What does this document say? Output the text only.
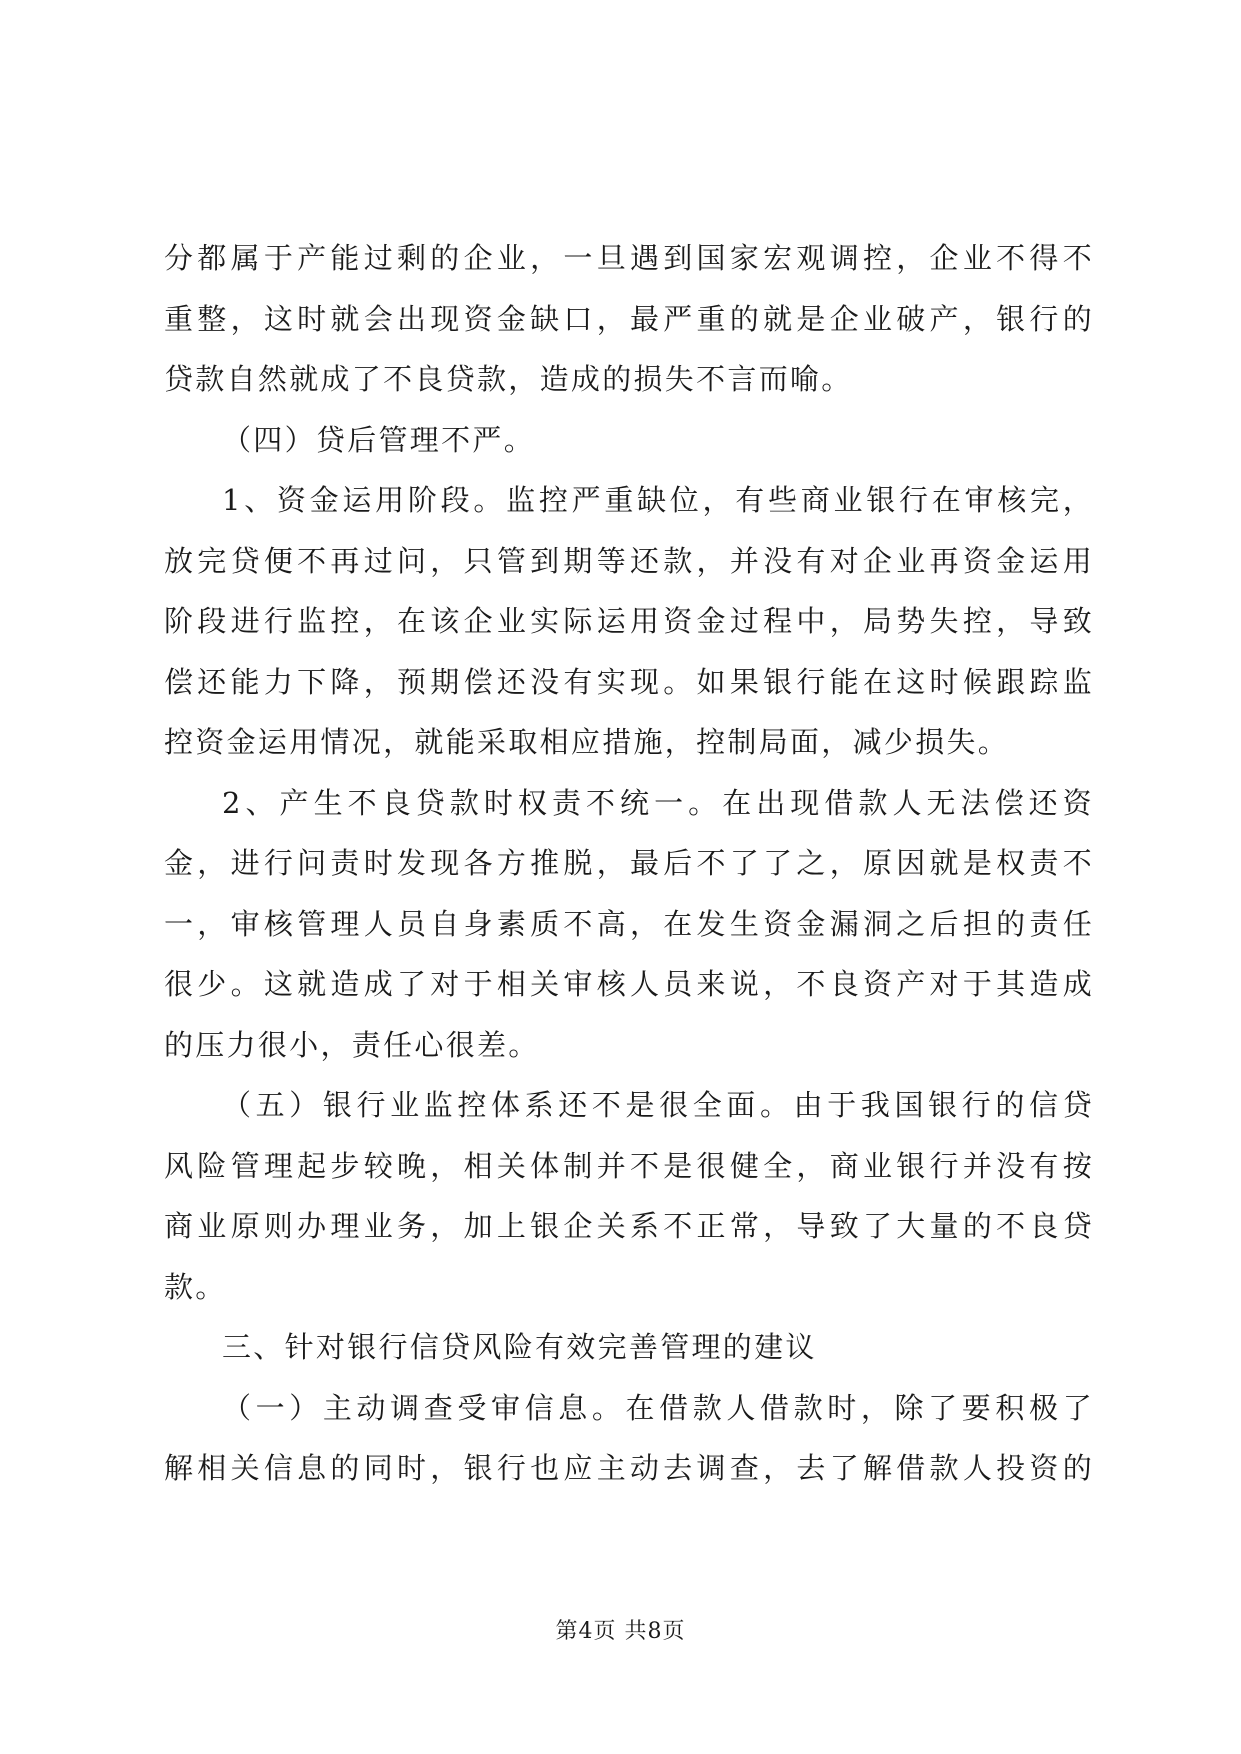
分都属于产能过剩的企业，一旦遇到国家宏观调控，企业不得不
重整，这时就会出现资金缺口，最严重的就是企业破产，银行的
贷款自然就成了不良贷款，造成的损失不言而喻。
（四）贷后管理不严。
1、资金运用阶段。监控严重缺位，有些商业银行在审核完，
放完贷便不再过问，只管到期等还款，并没有对企业再资金运用
阶段进行监控，在该企业实际运用资金过程中，局势失控，导致
偿还能力下降，预期偿还没有实现。如果银行能在这时候跟踪监
控资金运用情况，就能采取相应措施，控制局面，减少损失。
2、产生不良贷款时权责不统一。在出现借款人无法偿还资
金，进行问责时发现各方推脱，最后不了了之，原因就是权责不
一，审核管理人员自身素质不高，在发生资金漏洞之后担的责任
很少。这就造成了对于相关审核人员来说，不良资产对于其造成
的压力很小，责任心很差。
（五）银行业监控体系还不是很全面。由于我国银行的信贷
风险管理起步较晚，相关体制并不是很健全，商业银行并没有按
商业原则办理业务，加上银企关系不正常，导致了大量的不良贷
款。
三、针对银行信贷风险有效完善管理的建议
（一）主动调查受审信息。在借款人借款时，除了要积极了
解相关信息的同时，银行也应主动去调查，去了解借款人投资的
第4页 共8页
